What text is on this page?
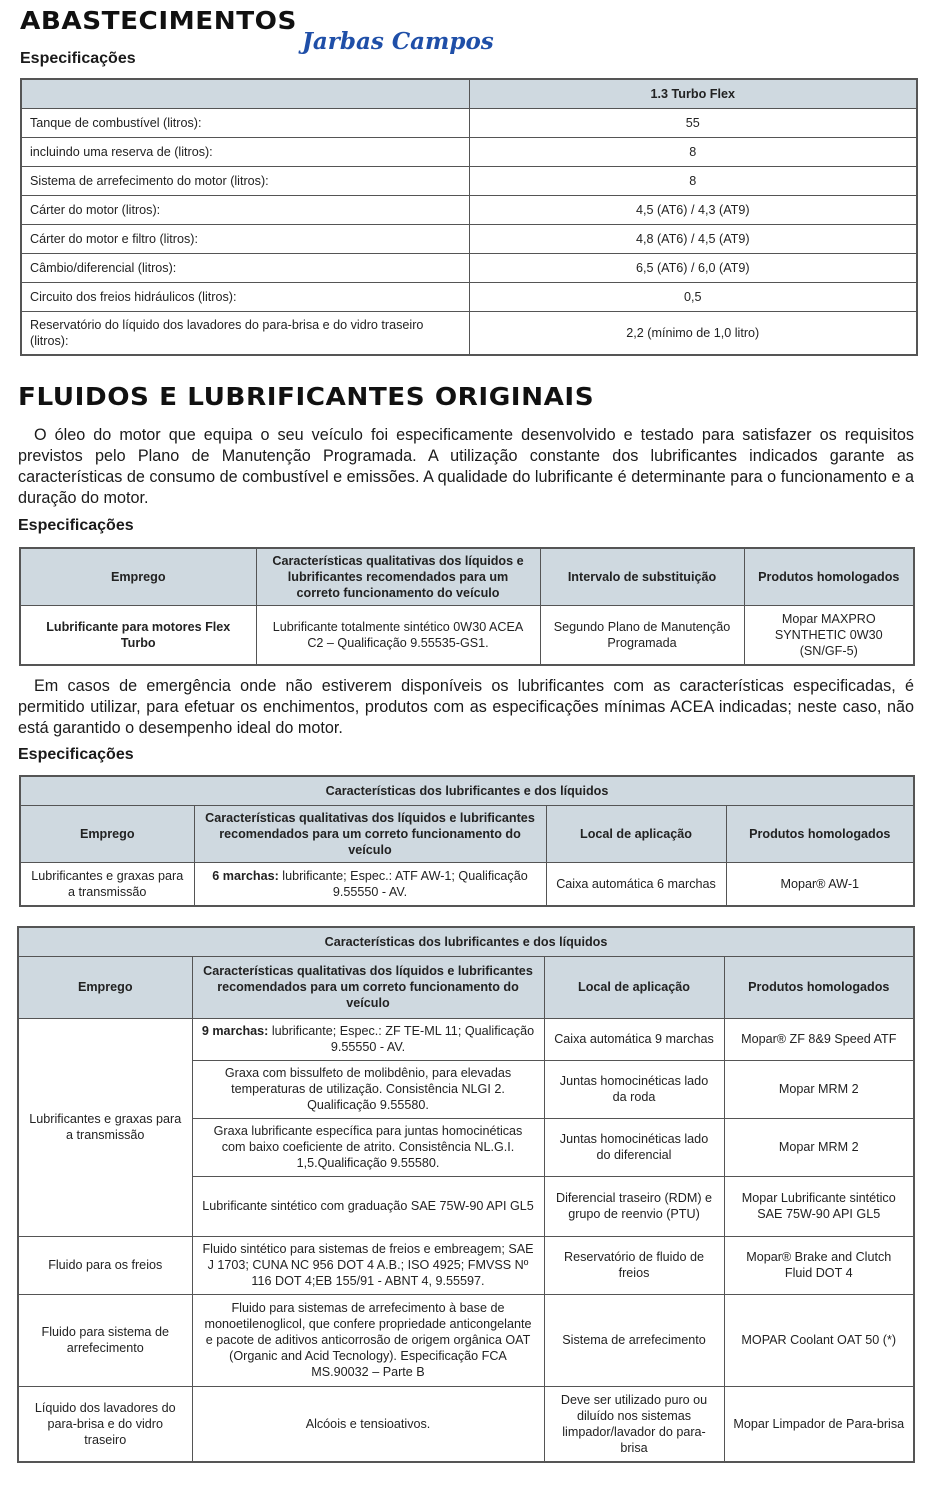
ABASTECIMENTOS
Jarbas Campos
Especificações
	1.3 Turbo Flex
Tanque de combustível (litros):	55
incluindo uma reserva de (litros):	8
Sistema de arrefecimento do motor (litros):	8
Cárter do motor (litros):	4,5 (AT6) / 4,3 (AT9)
Cárter do motor e filtro (litros):	4,8 (AT6) / 4,5 (AT9)
Câmbio/diferencial (litros):	6,5 (AT6) / 6,0 (AT9)
Circuito dos freios hidráulicos (litros):	0,5
Reservatório do líquido dos lavadores do para-brisa e do vidro traseiro (litros):	2,2 (mínimo de 1,0 litro)
FLUIDOS E LUBRIFICANTES ORIGINAIS
O óleo do motor que equipa o seu veículo foi especificamente desenvolvido e testado para satisfazer os requisitos previstos pelo Plano de Manutenção Programada. A utilização constante dos lubrificantes indicados garante as características de consumo de combustível e emissões. A qualidade do lubrificante é determinante para o funcionamento e a duração do motor.
Especificações
Emprego	Características qualitativas dos líquidos e lubrificantes recomendados para um correto funcionamento do veículo	Intervalo de substituição	Produtos homologados
Lubrificante para motores Flex Turbo	Lubrificante totalmente sintético 0W30 ACEA C2 – Qualificação 9.55535-GS1.	Segundo Plano de Manutenção Programada	Mopar MAXPRO SYNTHETIC 0W30 (SN/GF-5)
Em casos de emergência onde não estiverem disponíveis os lubrificantes com as características especificadas, é permitido utilizar, para efetuar os enchimentos, produtos com as especificações mínimas ACEA indicadas; neste caso, não está garantido o desempenho ideal do motor.
Especificações
Características dos lubrificantes e dos líquidos			
Emprego	Características qualitativas dos líquidos e lubrificantes recomendados para um correto funcionamento do veículo	Local de aplicação	Produtos homologados
Lubrificantes e graxas para a transmissão	6 marchas: lubrificante; Espec.: ATF AW-1; Qualificação 9.55550 - AV.	Caixa automática 6 marchas	Mopar® AW-1
Características dos lubrificantes e dos líquidos			
Emprego	Características qualitativas dos líquidos e lubrificantes recomendados para um correto funcionamento do veículo	Local de aplicação	Produtos homologados
Lubrificantes e graxas para a transmissão	9 marchas: lubrificante; Espec.: ZF TE-ML 11; Qualificação 9.55550 - AV.	Caixa automática 9 marchas	Mopar® ZF 8&9 Speed ATF
	Graxa com bissulfeto de molibdênio, para elevadas temperaturas de utilização. Consistência NLGI 2. Qualificação 9.55580.	Juntas homocinéticas lado da roda	Mopar MRM 2
	Graxa lubrificante específica para juntas homocinéticas com baixo coeficiente de atrito. Consistência NL.G.I. 1,5.Qualificação 9.55580.	Juntas homocinéticas lado do diferencial	Mopar MRM 2
	Lubrificante sintético com graduação SAE 75W-90 API GL5	Diferencial traseiro (RDM) e grupo de reenvio (PTU)	Mopar Lubrificante sintético SAE 75W-90 API GL5
Fluido para os freios	Fluido sintético para sistemas de freios e embreagem; SAE J 1703; CUNA NC 956 DOT 4 A.B.; ISO 4925; FMVSS Nº 116 DOT 4;EB 155/91 - ABNT 4, 9.55597.	Reservatório de fluido de freios	Mopar® Brake and Clutch Fluid DOT 4
Fluido para sistema de arrefecimento	Fluido para sistemas de arrefecimento à base de monoetilenoglicol, que confere propriedade anticongelante e pacote de aditivos anticorrosão de origem orgânica OAT (Organic and Acid Tecnology). Especificação FCA MS.90032 – Parte B	Sistema de arrefecimento	MOPAR Coolant OAT 50 (*)
Líquido dos lavadores do para-brisa e do vidro traseiro	Alcóois e tensioativos.	Deve ser utilizado puro ou diluído nos sistemas limpador/lavador do para-brisa	Mopar Limpador de Para-brisa
